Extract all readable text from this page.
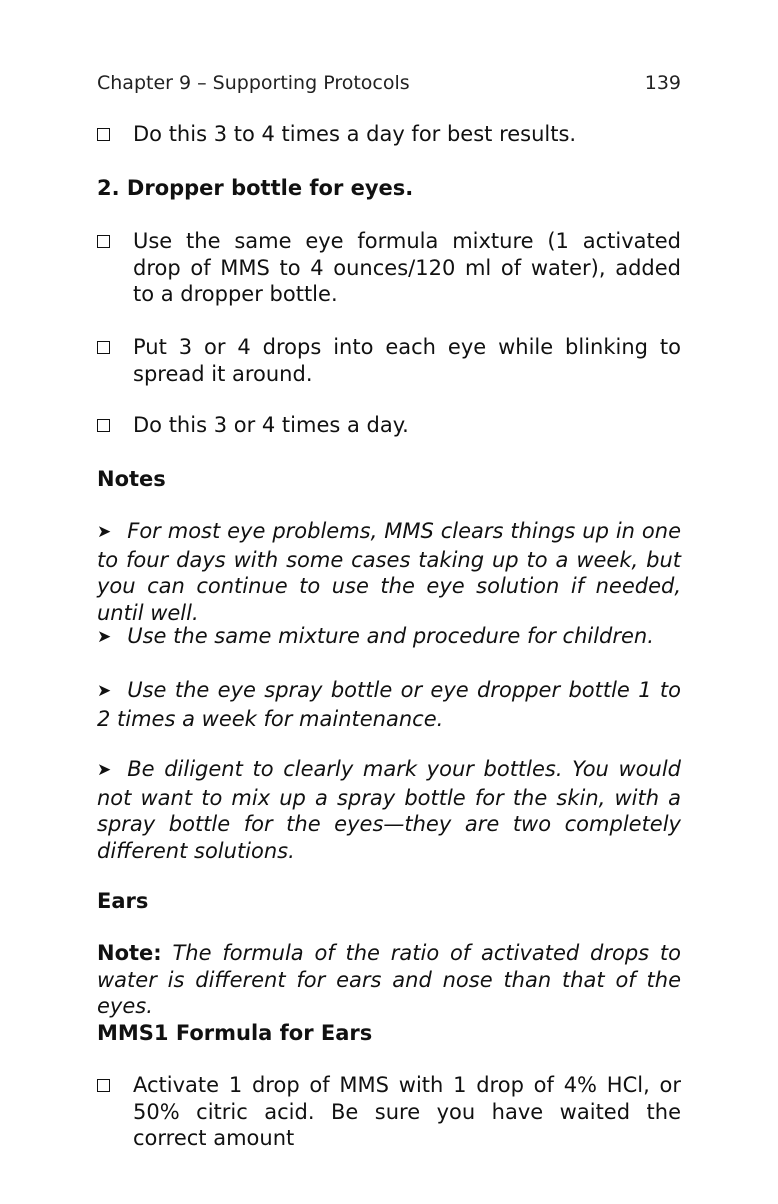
Chapter 9 – Supporting Protocols	139
Do this 3 to 4 times a day for best results.
2. Dropper bottle for eyes.
Use the same eye formula mixture (1 activated drop of MMS to 4 ounces/120 ml of water), added to a dropper bottle.
Put 3 or 4 drops into each eye while blinking to spread it around.
Do this 3 or 4 times a day.
Notes
➤ For most eye problems, MMS clears things up in one to four days with some cases taking up to a week, but you can continue to use the eye solution if needed, until well.
➤ Use the same mixture and procedure for children.
➤ Use the eye spray bottle or eye dropper bottle 1 to 2 times a week for maintenance.
➤ Be diligent to clearly mark your bottles. You would not want to mix up a spray bottle for the skin, with a spray bottle for the eyes—they are two completely different solutions.
Ears
Note: The formula of the ratio of activated drops to water is different for ears and nose than that of the eyes.
MMS1 Formula for Ears
Activate 1 drop of MMS with 1 drop of 4% HCl, or 50% citric acid. Be sure you have waited the correct amount
